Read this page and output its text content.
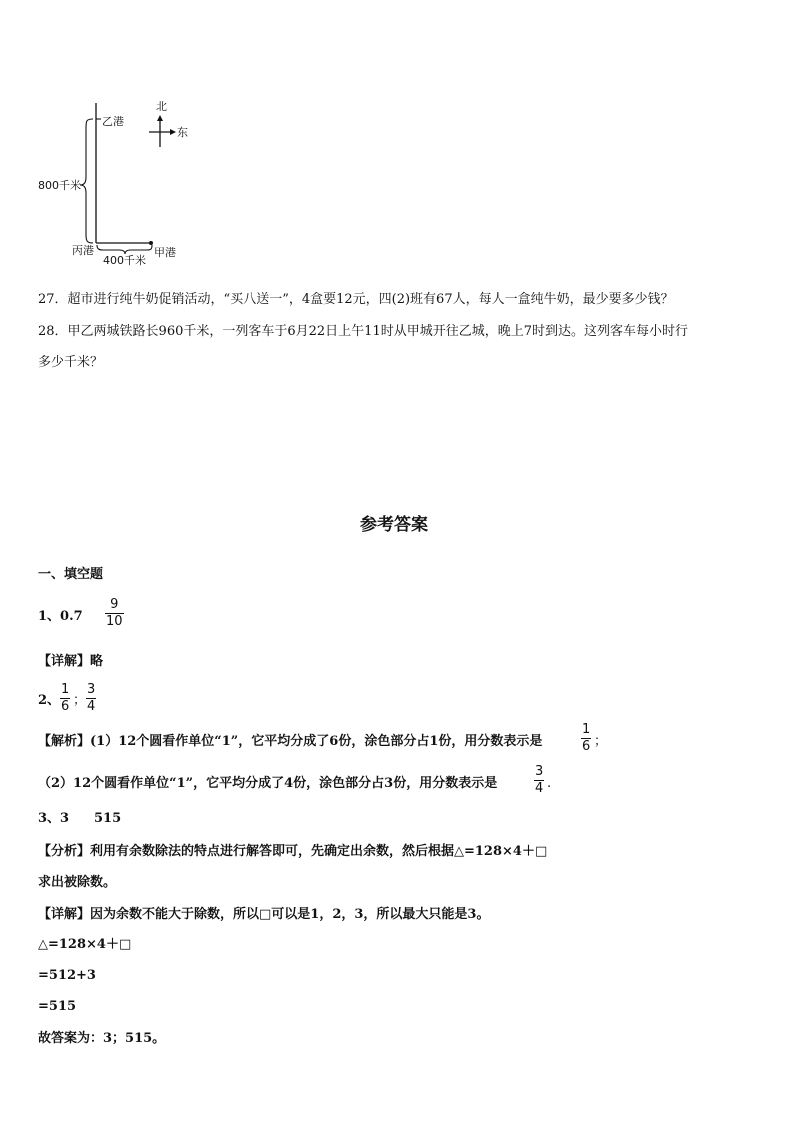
北
东
乙港
800千米
丙港	甲港
400千米
27．超市进行纯牛奶促销活动，“买八送一”，4盒要12元，四(2)班有67人，每人一盒纯牛奶，最少要多少钱？
28．甲乙两城铁路长960千米，一列客车于6月22日上午11时从甲城开往乙城，晚上7时到达。这列客车每小时行
多少千米？
参考答案
一、填空题
1、0.7
9
10
【详解】略
2、
1
6 ；
3
4
【解析】(1）12个圆看作单位“1”，它平均分成了6份，涂色部分占1份，用分数表示是
1
6 ；
（2）12个圆看作单位“1”，它平均分成了4份，涂色部分占3份，用分数表示是
3
4 .
3、3 515
【分析】利用有余数除法的特点进行解答即可，先确定出余数，然后根据△=128×4＋□
求出被除数。
【详解】因为余数不能大于除数，所以□可以是1，2，3，所以最大只能是3。
△=128×4＋□
=512+3
=515
故答案为：3；515。
